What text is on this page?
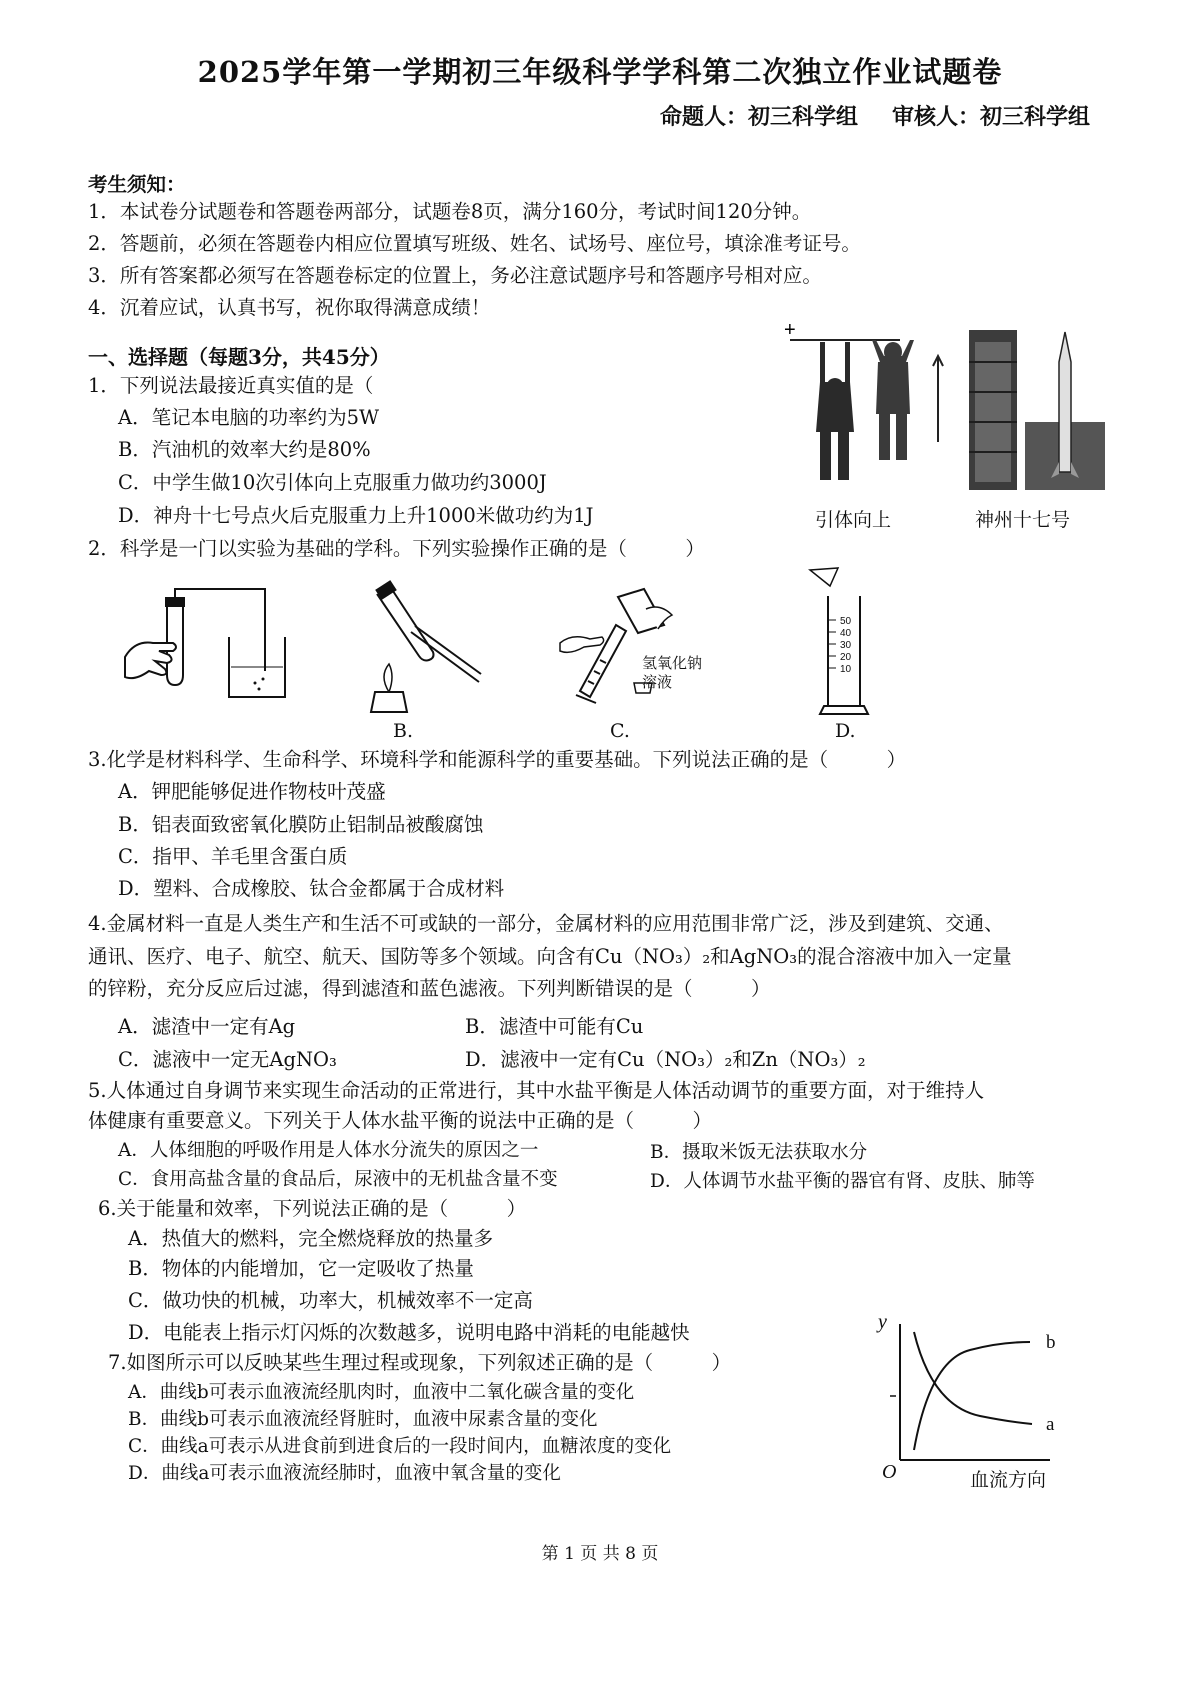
2025学年第一学期初三年级科学学科第二次独立作业试题卷
命题人：初三科学组 审核人：初三科学组
考生须知：
1．本试卷分试题卷和答题卷两部分，试题卷8页，满分160分，考试时间120分钟。
2．答题前，必须在答题卷内相应位置填写班级、姓名、试场号、座位号，填涂准考证号。
3．所有答案都必须写在答题卷标定的位置上，务必注意试题序号和答题序号相对应。
4．沉着应试，认真书写，祝你取得满意成绩！
一、选择题（每题3分，共45分）
1．下列说法最接近真实值的是（
A．笔记本电脑的功率约为5W
B．汽油机的效率大约是80%
C．中学生做10次引体向上克服重力做功约3000J
D．神舟十七号点火后克服重力上升1000米做功约为1J
+
引体向上	神州十七号
2．科学是一门以实验为基础的学科。下列实验操作正确的是（　　　）
B.
氢氧化钠
溶液
C.
50
40
30
20
10
D.
3.化学是材料科学、生命科学、环境科学和能源科学的重要基础。下列说法正确的是（　　　）
A．钾肥能够促进作物枝叶茂盛
B．铝表面致密氧化膜防止铝制品被酸腐蚀
C．指甲、羊毛里含蛋白质
D．塑料、合成橡胶、钛合金都属于合成材料
4.金属材料一直是人类生产和生活不可或缺的一部分，金属材料的应用范围非常广泛，涉及到建筑、交通、
通讯、医疗、电子、航空、航天、国防等多个领域。向含有Cu（NO₃）₂和AgNO₃的混合溶液中加入一定量
的锌粉，充分反应后过滤，得到滤渣和蓝色滤液。下列判断错误的是（　　　）
A．滤渣中一定有Ag	B．滤渣中可能有Cu
C．滤液中一定无AgNO₃	D．滤液中一定有Cu（NO₃）₂和Zn（NO₃）₂
5.人体通过自身调节来实现生命活动的正常进行，其中水盐平衡是人体活动调节的重要方面，对于维持人
体健康有重要意义。下列关于人体水盐平衡的说法中正确的是（　　　）
A．人体细胞的呼吸作用是人体水分流失的原因之一	B．摄取米饭无法获取水分
C．食用高盐含量的食品后，尿液中的无机盐含量不变	D．人体调节水盐平衡的器官有肾、皮肤、肺等
6.关于能量和效率，下列说法正确的是（　　　）
A．热值大的燃料，完全燃烧释放的热量多
B．物体的内能增加，它一定吸收了热量
C．做功快的机械，功率大，机械效率不一定高
D．电能表上指示灯闪烁的次数越多，说明电路中消耗的电能越快
7.如图所示可以反映某些生理过程或现象，下列叙述正确的是（　　　）
A．曲线b可表示血液流经肌肉时，血液中二氧化碳含量的变化
B．曲线b可表示血液流经肾脏时，血液中尿素含量的变化
C．曲线a可表示从进食前到进食后的一段时间内，血糖浓度的变化
D．曲线a可表示血液流经肺时，血液中氧含量的变化
y
O
b
a
血流方向
第 1 页 共 8 页
